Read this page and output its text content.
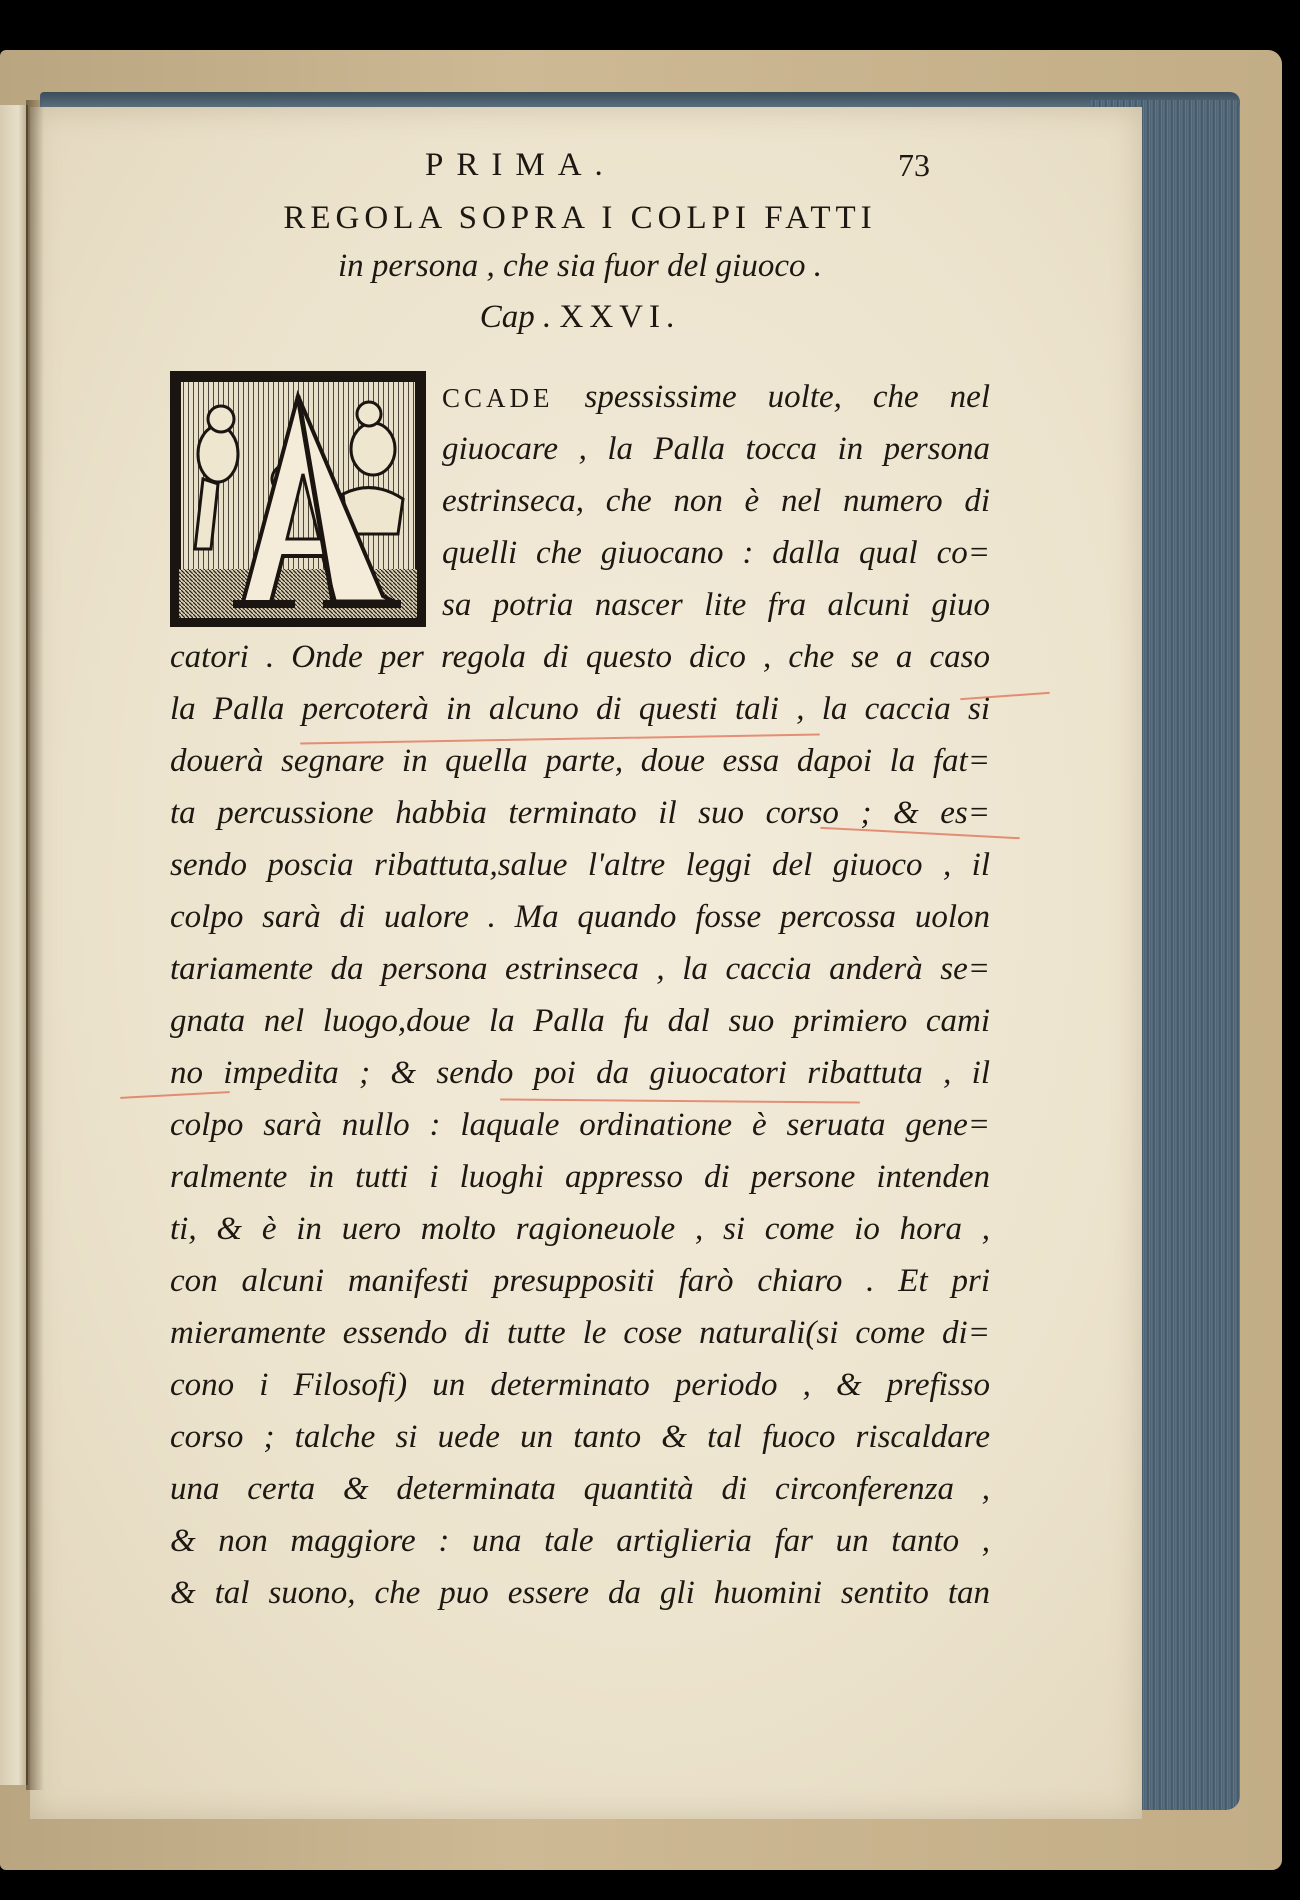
PRIMA.	73
REGOLA SOPRA I COLPI FATTI
in persona , che sia fuor del giuoco .
Cap . XXVI.
CCADE spessissime uolte, che nel
giuocare , la Palla tocca in persona
estrinseca, che non è nel numero di
quelli che giuocano : dalla qual co=
sa potria nascer lite fra alcuni giuo
catori . Onde per regola di questo dico , che se a caso
la Palla percoterà in alcuno di questi tali , la caccia si
douerà segnare in quella parte, doue essa dapoi la fat=
ta percussione habbia terminato il suo corso ; & es=
sendo poscia ribattuta,salue l'altre leggi del giuoco , il
colpo sarà di ualore . Ma quando fosse percossa uolon
tariamente da persona estrinseca , la caccia anderà se=
gnata nel luogo,doue la Palla fu dal suo primiero cami
no impedita ; & sendo poi da giuocatori ribattuta , il
colpo sarà nullo : laquale ordinatione è seruata gene=
ralmente in tutti i luoghi appresso di persone intenden
ti, & è in uero molto ragioneuole , si come io hora ,
con alcuni manifesti presuppositi farò chiaro . Et pri
mieramente essendo di tutte le cose naturali(si come di=
cono i Filosofi) un determinato periodo , & prefisso
corso ; talche si uede un tanto & tal fuoco riscaldare
una certa & determinata quantità di circonferenza ,
& non maggiore : una tale artiglieria far un tanto ,
& tal suono, che puo essere da gli huomini sentito tan
